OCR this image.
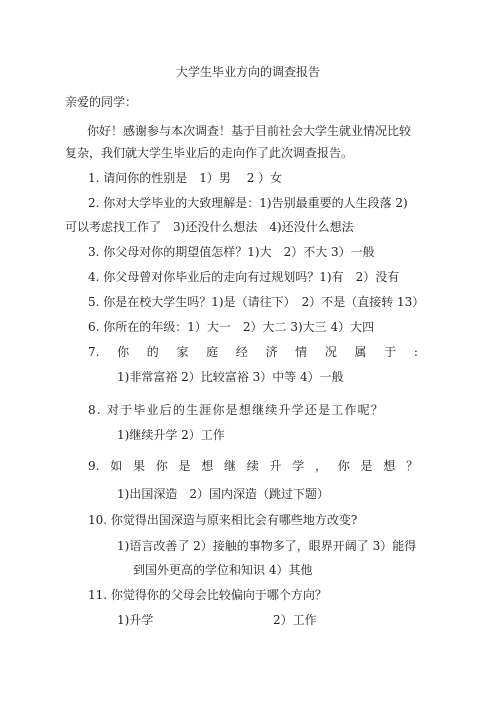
大学生毕业方向的调查报告
亲爱的同学：
你好！感谢参与本次调查！基于目前社会大学生就业情况比较
复杂，我们就大学生毕业后的走向作了此次调查报告。
1. 请问你的性别是　1）男　 2 ）女
2. 你对大学毕业的大致理解是：1)告别最重要的人生段落 2)
可以考虑找工作了　3)还没什么想法　4)还没什么想法
3. 你父母对你的期望值怎样？1)大　2）不大 3）一般
4. 你父母曾对你毕业后的走向有过规划吗？1)有　2）没有
5. 你是在校大学生吗？1)是（请往下）　2）不是（直接转 13）
6. 你所在的年级：1）大一　2）大二 3)大三 4）大四
7. 你 的 家 庭 经 济 情 况 属 于 :
1)非常富裕 2）比较富裕 3）中等 4）一般
8. 对于毕业后的生涯你是想继续升学还是工作呢？
1)继续升学 2）工作
9. 如 果 你 是 想 继 续 升 学 ， 你 是 想 ？
1)出国深造　2）国内深造（跳过下题）
10. 你觉得出国深造与原来相比会有哪些地方改变?
1)语言改善了 2）接触的事物多了，眼界开阔了 3）能得
到国外更高的学位和知识 4）其他
11. 你觉得你的父母会比较偏向于哪个方向？
1)升学	2）工作
